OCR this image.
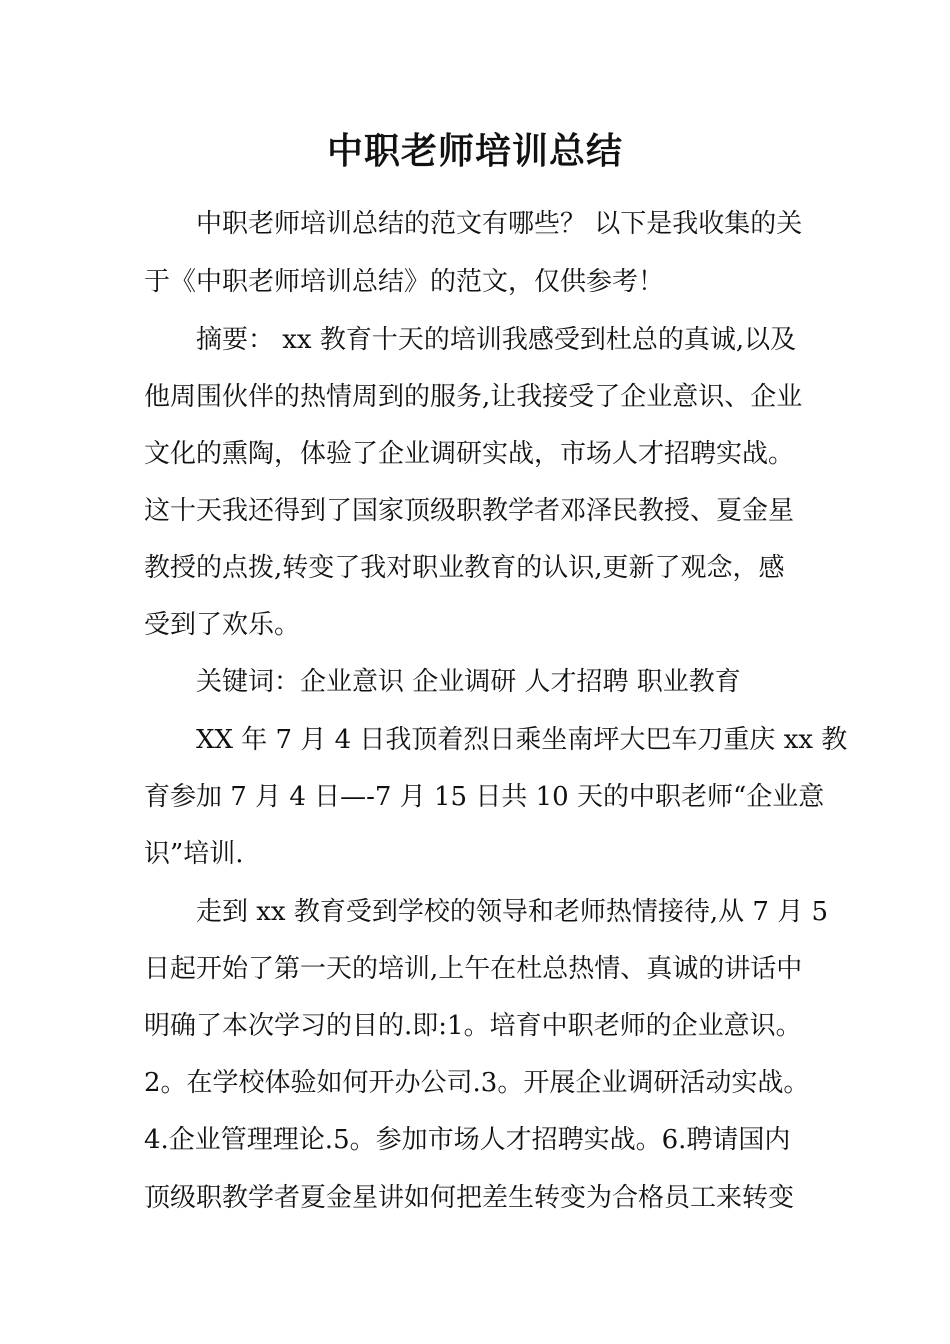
中职老师培训总结
中职老师培训总结的范文有哪些？ 以下是我收集的关
于《中职老师培训总结》的范文，仅供参考！
摘要： xx 教育十天的培训我感受到杜总的真诚,以及
他周围伙伴的热情周到的服务,让我接受了企业意识、企业
文化的熏陶，体验了企业调研实战，市场人才招聘实战。
这十天我还得到了国家顶级职教学者邓泽民教授、夏金星
教授的点拨,转变了我对职业教育的认识,更新了观念，感
受到了欢乐。
关键词：企业意识 企业调研 人才招聘 职业教育
XX 年 7 月 4 日我顶着烈日乘坐南坪大巴车刀重庆 xx 教
育参加 7 月 4 日—-7 月 15 日共 10 天的中职老师“企业意
识”培训.
走到 xx 教育受到学校的领导和老师热情接待,从 7 月 5
日起开始了第一天的培训,上午在杜总热情、真诚的讲话中
明确了本次学习的目的.即:1。培育中职老师的企业意识。
2。在学校体验如何开办公司.3。开展企业调研活动实战。
4.企业管理理论.5。参加市场人才招聘实战。6.聘请国内
顶级职教学者夏金星讲如何把差生转变为合格员工来转变
